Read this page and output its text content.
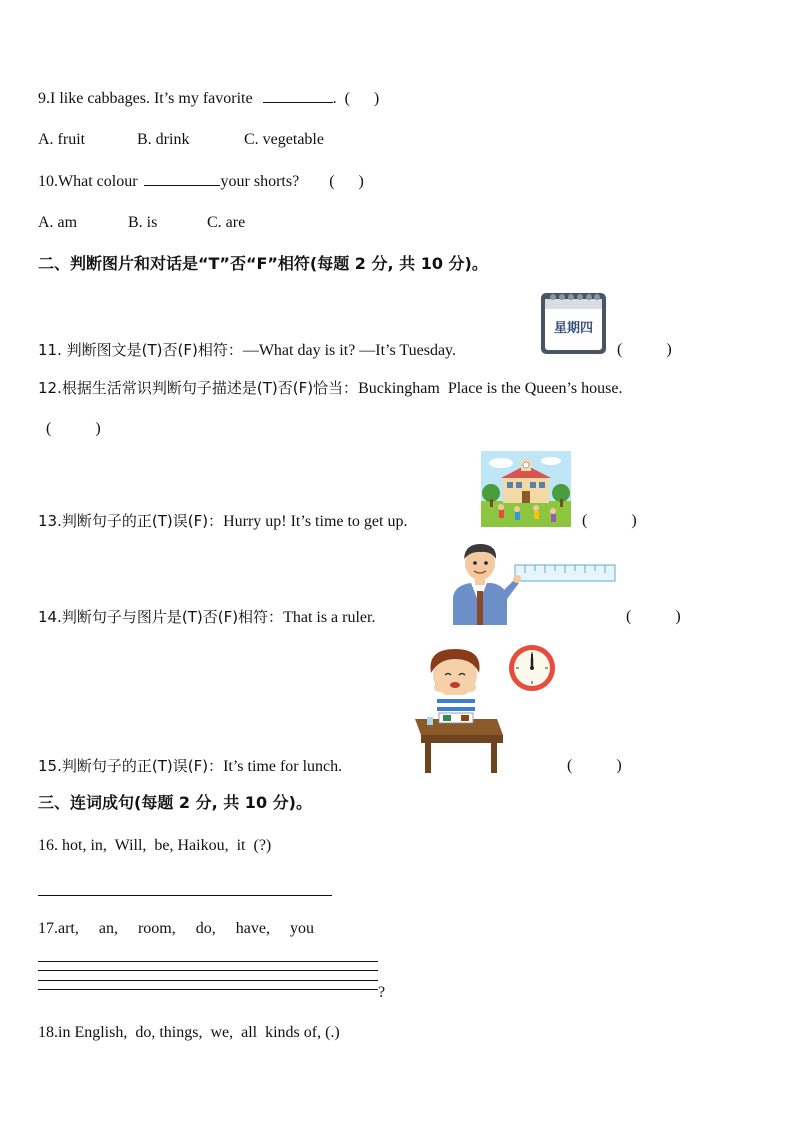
9.I like cabbages. It’s my favorite	. (      )
A. fruit	B. drink	C. vegetable
10.What colour	your shorts? (      )
A. am	B. is	C. are
二、判断图片和对话是“T”否“F”相符(每题 2 分, 共 10 分)。
星期四
11. 判断图文是(T)否(F)相符：—What day is it? —It’s Tuesday.	(           )
12.根据生活常识判断句子描述是(T)否(F)恰当：Buckingham  Place is the Queen’s house.
(           )
13.判断句子的正(T)误(F)：Hurry up! It’s time to get up.	(           )
14.判断句子与图片是(T)否(F)相符：That is a ruler.	(           )
15.判断句子的正(T)误(F)：It’s time for lunch.	(           )
三、连词成句(每题 2 分, 共 10 分)。
16. hot, in,  Will,  be, Haikou,  it  (?)
17.art,     an,     room,     do,     have,     you
?
18.in English,  do, things,  we,  all  kinds of, (.)
